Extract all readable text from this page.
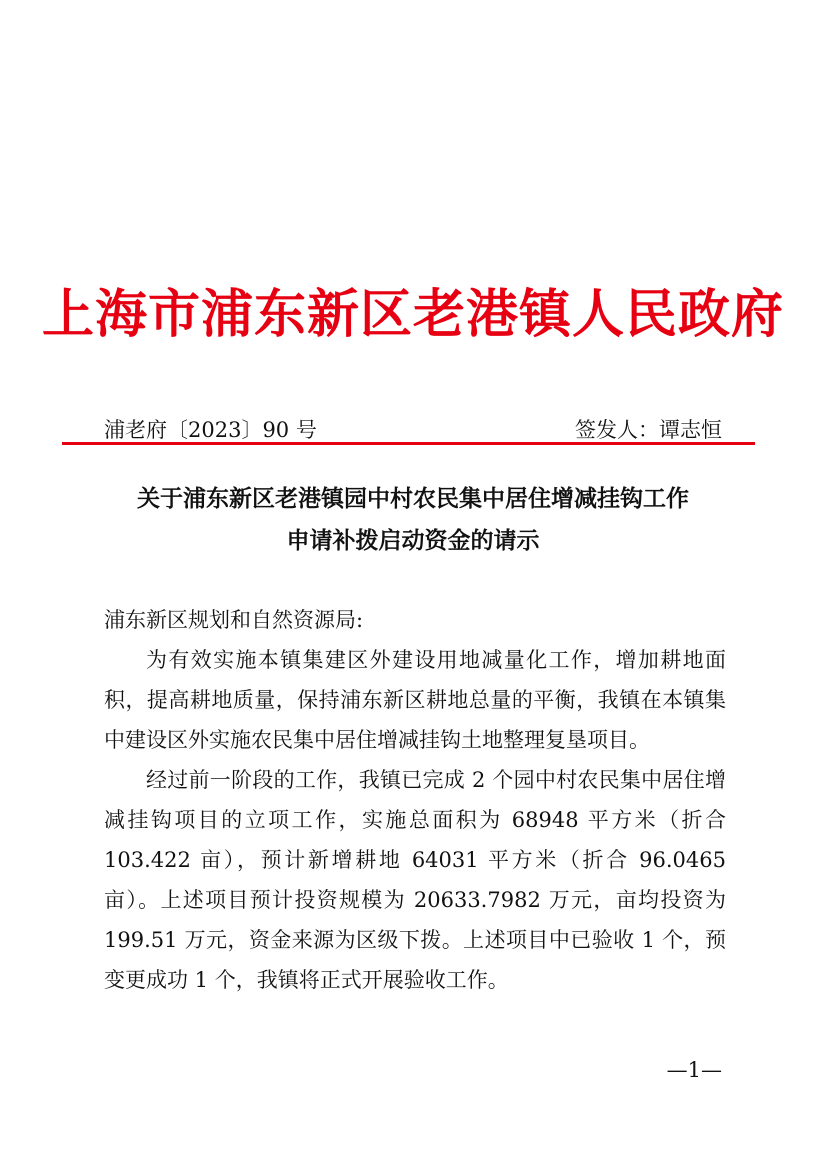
上海市浦东新区老港镇人民政府
浦老府〔2023〕90 号	签发人：谭志恒
关于浦东新区老港镇园中村农民集中居住增减挂钩工作
申请补拨启动资金的请示
浦东新区规划和自然资源局:

为有效实施本镇集建区外建设用地减量化工作，增加耕地面积，提高耕地质量，保持浦东新区耕地总量的平衡，我镇在本镇集中建设区外实施农民集中居住增减挂钩土地整理复垦项目。

经过前一阶段的工作，我镇已完成 2 个园中村农民集中居住增减挂钩项目的立项工作，实施总面积为 68948 平方米（折合 103.422 亩），预计新增耕地 64031 平方米（折合 96.0465 亩）。上述项目预计投资规模为 20633.7982 万元，亩均投资为 199.51 万元，资金来源为区级下拨。上述项目中已验收 1 个，预变更成功 1 个，我镇将正式开展验收工作。

—1—
